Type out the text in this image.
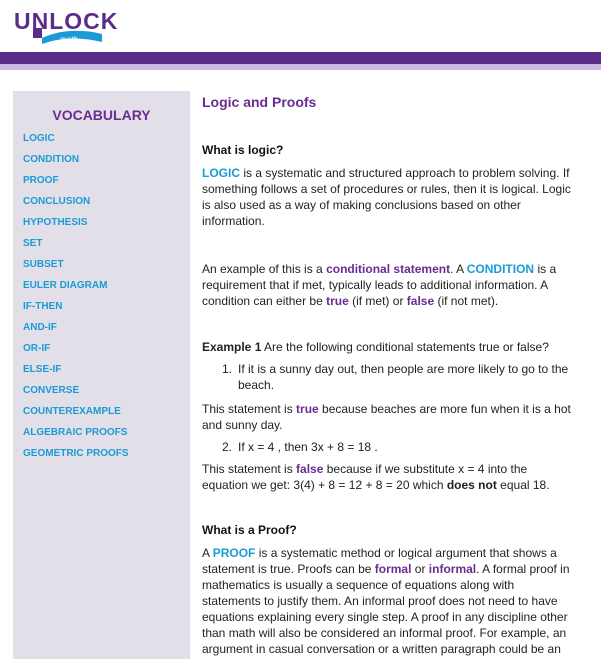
UNLOCK
math
VOCABULARY
LOGIC
CONDITION
PROOF
CONCLUSION
HYPOTHESIS
SET
SUBSET
EULER DIAGRAM
IF-THEN
AND-IF
OR-IF
ELSE-IF
CONVERSE
COUNTEREXAMPLE
ALGEBRAIC PROOFS
GEOMETRIC PROOFS
Logic and Proofs
What is logic?

LOGIC is a systematic and structured approach to problem solving. If something follows a set of procedures or rules, then it is logical. Logic is also used as a way of making conclusions based on other information.

An example of this is a conditional statement. A CONDITION is a requirement that if met, typically leads to additional information. A condition can either be true (if met) or false (if not met).

Example 1 Are the following conditional statements true or false?

1. If it is a sunny day out, then people are more likely to go to the beach.

This statement is true because beaches are more fun when it is a hot and sunny day.

2. If x = 4 , then 3x + 8 = 18 .

This statement is false because if we substitute x = 4 into the equation we get: 3(4) + 8 = 12 + 8 = 20 which does not equal 18.

What is a Proof?

A PROOF is a systematic method or logical argument that shows a statement is true. Proofs can be formal or informal. A formal proof in mathematics is usually a sequence of equations along with statements to justify them. An informal proof does not need to have equations explaining every single step. A proof in any discipline other than math will also be considered an informal proof. For example, an argument in casual conversation or a written paragraph could be an
